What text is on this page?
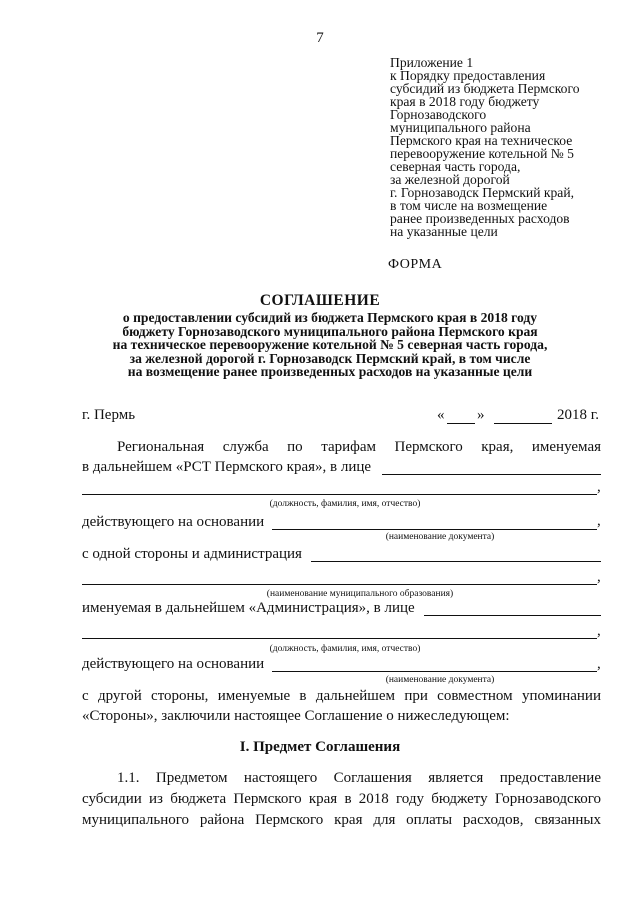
7
Приложение 1
к Порядку предоставления
субсидий из бюджета Пермского
края в 2018 году бюджету
Горнозаводского
муниципального района
Пермского края на техническое
перевооружение котельной № 5
северная часть города,
за железной дорогой
г. Горнозаводск Пермский край,
в том числе на возмещение
ранее произведенных расходов
на указанные цели
ФОРМА
СОГЛАШЕНИЕ
о предоставлении субсидий из бюджета Пермского края в 2018 году
бюджету Горнозаводского муниципального района Пермского края
на техническое перевооружение котельной № 5 северная часть города,
за железной дорогой г. Горнозаводск Пермский край, в том числе
на возмещение ранее произведенных расходов на указанные цели
г. Пермь	« »	2018 г.
Региональная служба по тарифам Пермского края, именуемая
в дальнейшем «РСТ Пермского края», в лице
,
(должность, фамилия, имя, отчество)
действующего на основании	,
(наименование документа)
с одной стороны и администрация
,
(наименование муниципального образования)
именуемая в дальнейшем «Администрация», в лице
,
(должность, фамилия, имя, отчество)
действующего на основании	,
(наименование документа)
с другой стороны, именуемые в дальнейшем при совместном упоминании
«Стороны», заключили настоящее Соглашение о нижеследующем:
I. Предмет Соглашения
1.1. Предметом настоящего Соглашения является предоставление
субсидии из бюджета Пермского края в 2018 году бюджету Горнозаводского
муниципального района Пермского края для оплаты расходов, связанных
